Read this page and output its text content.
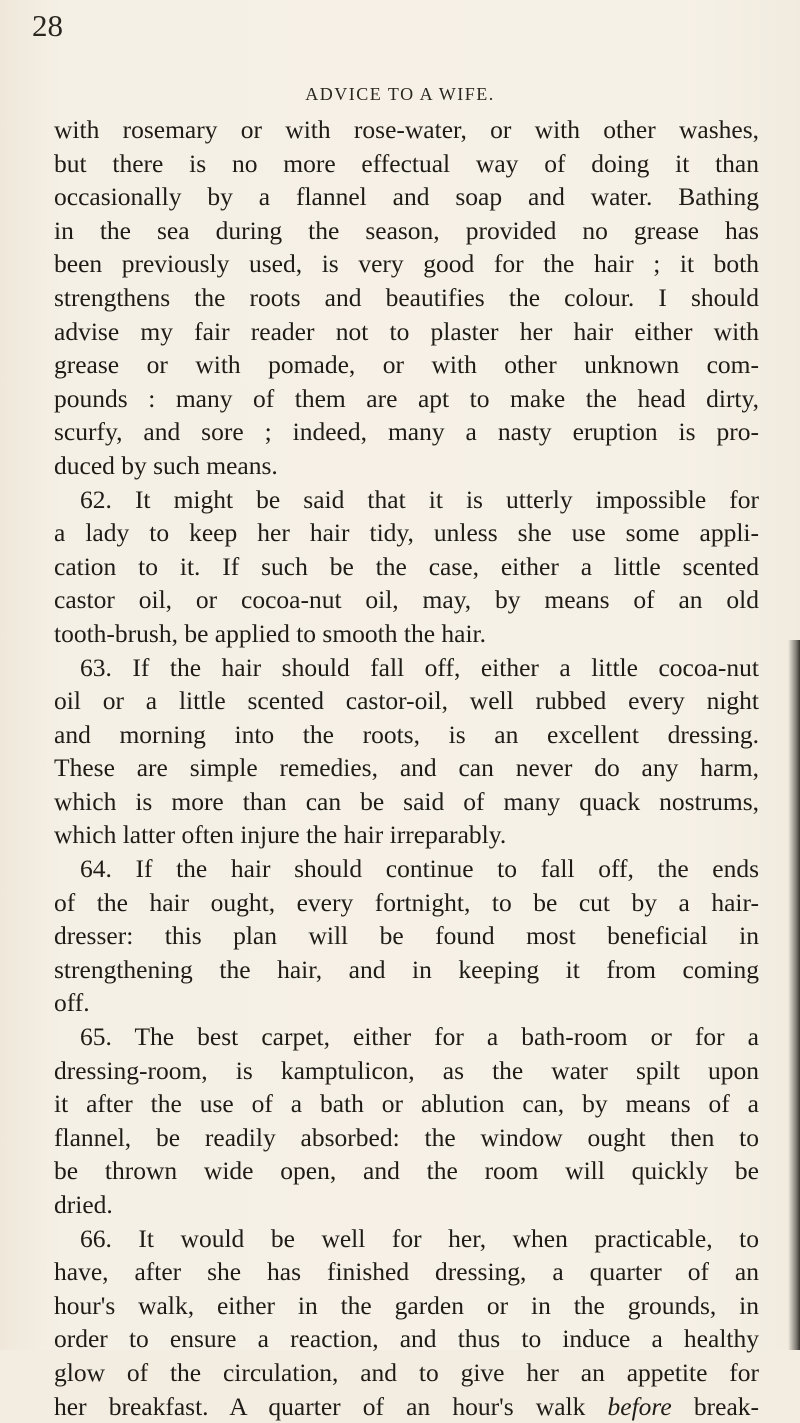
28
ADVICE TO A WIFE.
with rosemary or with rose-water, or with other washes,
but there is no more effectual way of doing it than
occasionally by a flannel and soap and water. Bathing
in the sea during the season, provided no grease has
been previously used, is very good for the hair ; it both
strengthens the roots and beautifies the colour. I should
advise my fair reader not to plaster her hair either with
grease or with pomade, or with other unknown com-
pounds : many of them are apt to make the head dirty,
scurfy, and sore ; indeed, many a nasty eruption is pro-
duced by such means.
62. It might be said that it is utterly impossible for
a lady to keep her hair tidy, unless she use some appli-
cation to it. If such be the case, either a little scented
castor oil, or cocoa-nut oil, may, by means of an old
tooth-brush, be applied to smooth the hair.
63. If the hair should fall off, either a little cocoa-nut
oil or a little scented castor-oil, well rubbed every night
and morning into the roots, is an excellent dressing.
These are simple remedies, and can never do any harm,
which is more than can be said of many quack nostrums,
which latter often injure the hair irreparably.
64. If the hair should continue to fall off, the ends
of the hair ought, every fortnight, to be cut by a hair-
dresser: this plan will be found most beneficial in
strengthening the hair, and in keeping it from coming
off.
65. The best carpet, either for a bath-room or for a
dressing-room, is kamptulicon, as the water spilt upon
it after the use of a bath or ablution can, by means of a
flannel, be readily absorbed: the window ought then to
be thrown wide open, and the room will quickly be
dried.
66. It would be well for her, when practicable, to
have, after she has finished dressing, a quarter of an
hour's walk, either in the garden or in the grounds, in
order to ensure a reaction, and thus to induce a healthy
glow of the circulation, and to give her an appetite for
her breakfast. A quarter of an hour's walk before break-
